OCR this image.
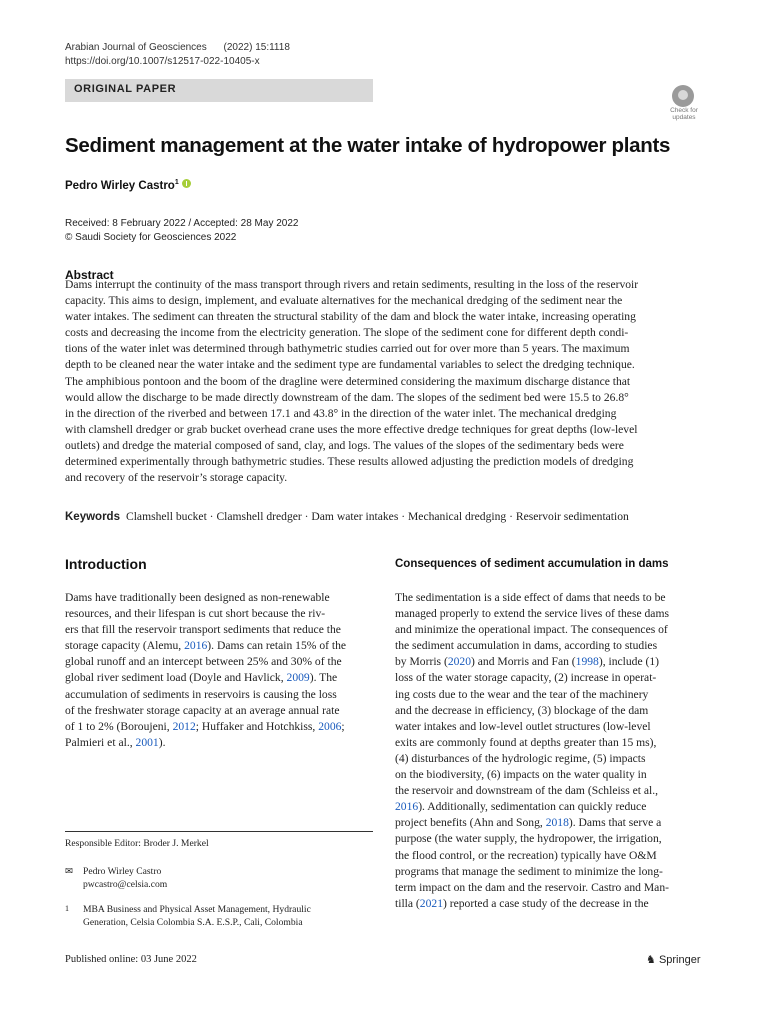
Arabian Journal of Geosciences (2022) 15:1118
https://doi.org/10.1007/s12517-022-10405-x
ORIGINAL PAPER
Check for
updates
Sediment management at the water intake of hydropower plants
Pedro Wirley Castro$^1$
Received: 8 February 2022 / Accepted: 28 May 2022
© Saudi Society for Geosciences 2022
Abstract
Dams interrupt the continuity of the mass transport through rivers and retain sediments, resulting in the loss of the reservoir
capacity. This aims to design, implement, and evaluate alternatives for the mechanical dredging of the sediment near the
water intakes. The sediment can threaten the structural stability of the dam and block the water intake, increasing operating
costs and decreasing the income from the electricity generation. The slope of the sediment cone for different depth condi-
tions of the water inlet was determined through bathymetric studies carried out for over more than 5 years. The maximum
depth to be cleaned near the water intake and the sediment type are fundamental variables to select the dredging technique.
The amphibious pontoon and the boom of the dragline were determined considering the maximum discharge distance that
would allow the discharge to be made directly downstream of the dam. The slopes of the sediment bed were 15.5 to 26.8°
in the direction of the riverbed and between 17.1 and 43.8° in the direction of the water inlet. The mechanical dredging
with clamshell dredger or grab bucket overhead crane uses the more effective dredge techniques for great depths (low-level
outlets) and dredge the material composed of sand, clay, and logs. The values of the slopes of the sedimentary beds were
determined experimentally through bathymetric studies. These results allowed adjusting the prediction models of dredging
and recovery of the reservoir’s storage capacity.
Keywords Clamshell bucket · Clamshell dredger · Dam water intakes · Mechanical dredging · Reservoir sedimentation
Introduction
Dams have traditionally been designed as non-renewable
resources, and their lifespan is cut short because the riv-
ers that fill the reservoir transport sediments that reduce the
storage capacity (Alemu, 2016). Dams can retain 15% of the
global runoff and an intercept between 25% and 30% of the
global river sediment load (Doyle and Havlick, 2009). The
accumulation of sediments in reservoirs is causing the loss
of the freshwater storage capacity at an average annual rate
of 1 to 2% (Boroujeni, 2012; Huffaker and Hotchkiss, 2006;
Palmieri et al., 2001).
Responsible Editor: Broder J. Merkel
✉ Pedro Wirley Castro
pwcastro@celsia.com
1 MBA Business and Physical Asset Management, Hydraulic
Generation, Celsia Colombia S.A. E.S.P., Cali, Colombia
Consequences of sediment accumulation in dams
The sedimentation is a side effect of dams that needs to be
managed properly to extend the service lives of these dams
and minimize the operational impact. The consequences of
the sediment accumulation in dams, according to studies
by Morris (2020) and Morris and Fan (1998), include (1)
loss of the water storage capacity, (2) increase in operat-
ing costs due to the wear and the tear of the machinery
and the decrease in efficiency, (3) blockage of the dam
water intakes and low-level outlet structures (low-level
exits are commonly found at depths greater than 15 ms),
(4) disturbances of the hydrologic regime, (5) impacts
on the biodiversity, (6) impacts on the water quality in
the reservoir and downstream of the dam (Schleiss et al.,
2016). Additionally, sedimentation can quickly reduce
project benefits (Ahn and Song, 2018). Dams that serve a
purpose (the water supply, the hydropower, the irrigation,
the flood control, or the recreation) typically have O&M
programs that manage the sediment to minimize the long-
term impact on the dam and the reservoir. Castro and Man-
tilla (2021) reported a case study of the decrease in the
Published online: 03 June 2022	♞ Springer
